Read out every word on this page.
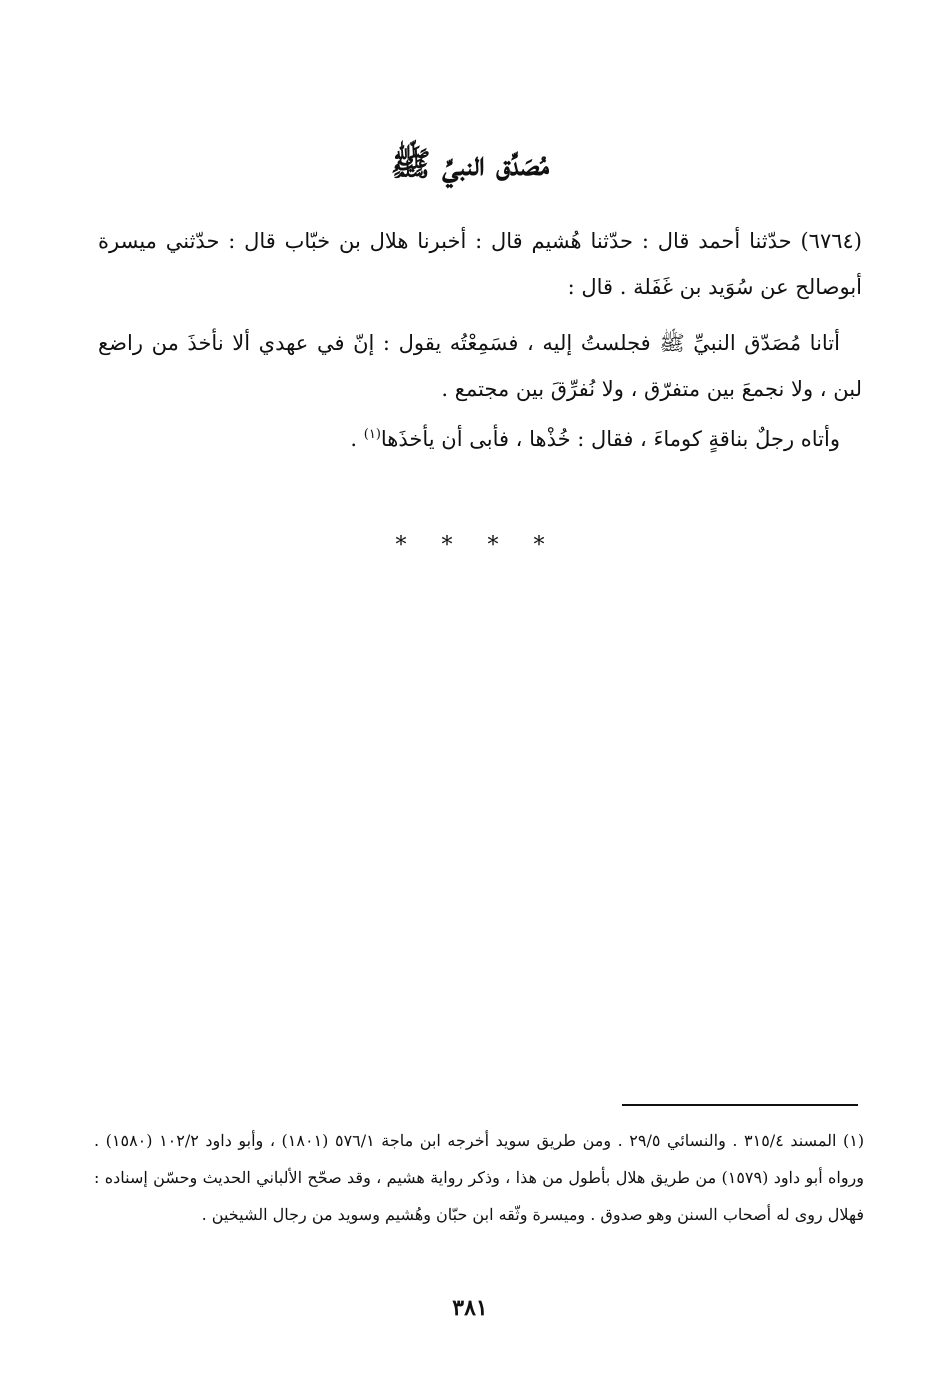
مُصَدِّق النبيِّ ﷺ

(٦٧٦٤) حدّثنا أحمد قال : حدّثنا هُشيم قال : أخبرنا هلال بن خبّاب قال : حدّثني ميسرة أبوصالح عن سُوَيد بن غَفَلة . قال :

أتانا مُصَدّق النبيِّ ﷺ فجلستُ إليه ، فسَمِعْتُه يقول : إنّ في عهدي ألا نأخذَ من راضع لبن ، ولا نجمعَ بين متفرّق ، ولا نُفرِّقَ بين مجتمع .

وأتاه رجلٌ بناقةٍ كوماءَ ، فقال : خُذْها ، فأبى أن يأخذَها$^{(١)}$ .

* * * *

(١) المسند ٣١٥/٤ . والنسائي ٢٩/٥ . ومن طريق سويد أخرجه ابن ماجة ٥٧٦/١ (١٨٠١) ، وأبو داود ١٠٢/٢ (١٥٨٠) . ورواه أبو داود (١٥٧٩) من طريق هلال بأطول من هذا ، وذكر رواية هشيم ، وقد صحّح الألباني الحديث وحسّن إسناده : فهلال روى له أصحاب السنن وهو صدوق . وميسرة وثّقه ابن حبّان وهُشيم وسويد من رجال الشيخين .

٣٨١
